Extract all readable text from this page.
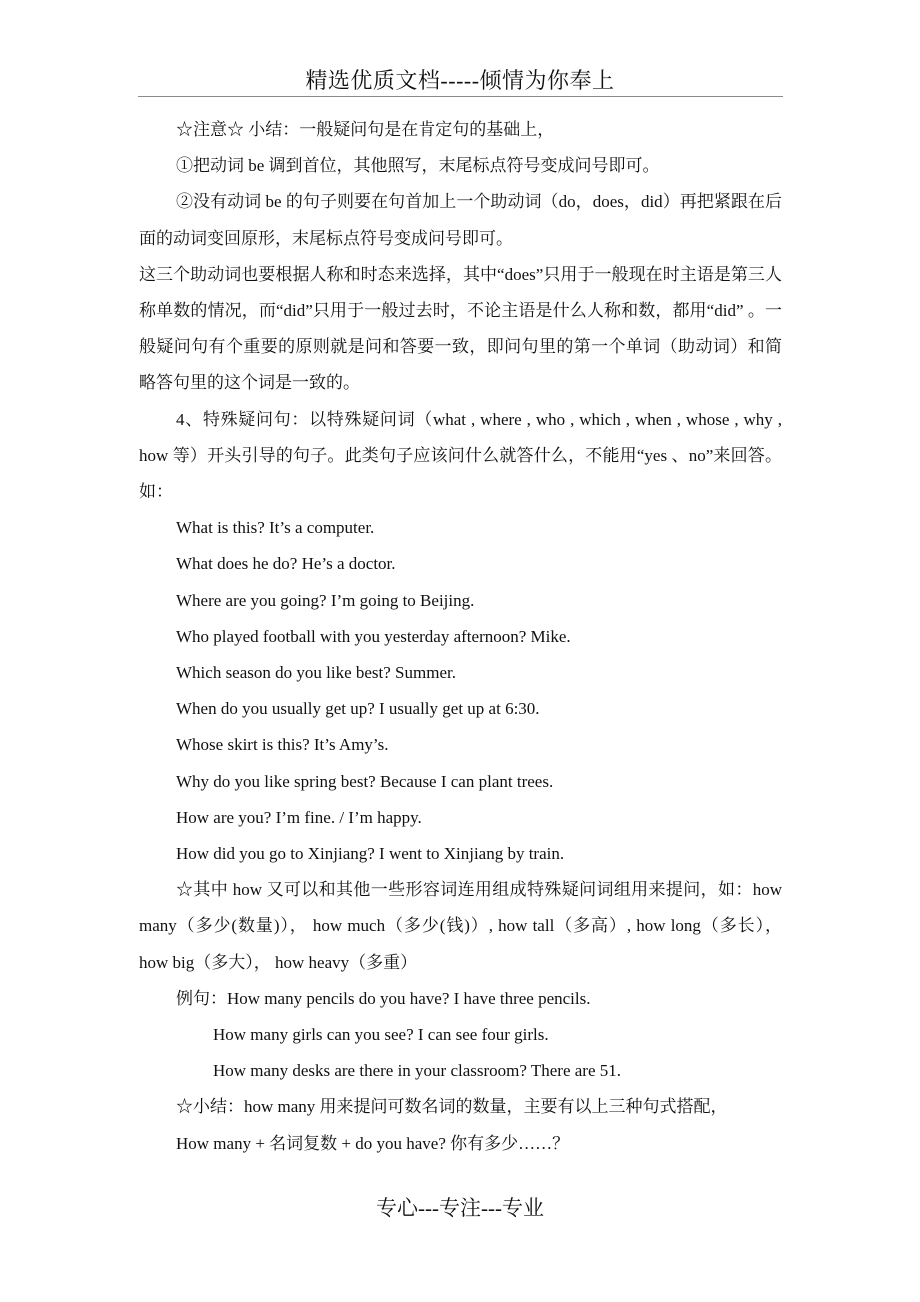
精选优质文档-----倾情为你奉上

☆注意☆ 小结：一般疑问句是在肯定句的基础上，

①把动词 be 调到首位，其他照写，末尾标点符号变成问号即可。

②没有动词 be 的句子则要在句首加上一个助动词（do，does，did）再把紧跟在后面的动词变回原形，末尾标点符号变成问号即可。

这三个助动词也要根据人称和时态来选择，其中“does”只用于一般现在时主语是第三人称单数的情况，而“did”只用于一般过去时，不论主语是什么人称和数，都用“did” 。一般疑问句有个重要的原则就是问和答要一致，即问句里的第一个单词（助动词）和简略答句里的这个词是一致的。

4、特殊疑问句：以特殊疑问词（what , where , who , which , when , whose , why , how 等）开头引导的句子。此类句子应该问什么就答什么，不能用“yes 、no”来回答。如：

What is this? It’s a computer.

What does he do? He’s a doctor.

Where are you going? I’m going to Beijing.

Who played football with you yesterday afternoon? Mike.

Which season do you like best? Summer.

When do you usually get up? I usually get up at 6:30.

Whose skirt is this? It’s Amy’s.

Why do you like spring best? Because I can plant trees.

How are you? I’m fine. / I’m happy.

How did you go to Xinjiang? I went to Xinjiang by train.

☆其中 how 又可以和其他一些形容词连用组成特殊疑问词组用来提问，如：how many（多少(数量)）， how much（多少(钱)）, how tall（多高）, how long（多长）， how big（多大）， how heavy（多重）

例句：How many pencils do you have? I have three pencils.

How many girls can you see? I can see four girls.

How many desks are there in your classroom? There are 51.

☆小结：how many 用来提问可数名词的数量，主要有以上三种句式搭配，

How many + 名词复数 + do you have? 你有多少……？

专心---专注---专业
